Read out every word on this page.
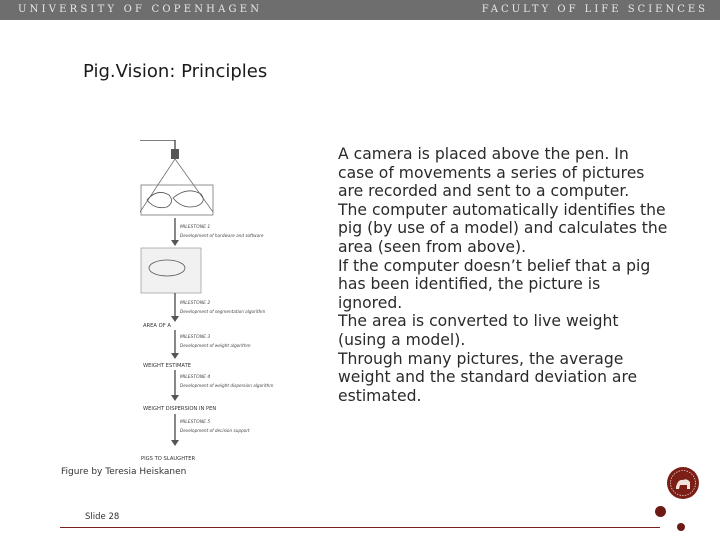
UNIVERSITY OF COPENHAGEN	FACULTY OF LIFE SCIENCES
Pig.Vision: Principles

A camera is placed above the pen. In case of movements a series of pictures are recorded and sent to a computer.

The computer automatically identifies the pig (by use of a model) and calculates the area (seen from above).

If the computer doesn’t belief that a pig has been identified, the picture is ignored.

The area is converted to live weight (using a model).

Through many pictures, the average weight and the standard deviation are estimated.

MILESTONE 1
Development of hardware and software
MILESTONE 2
Development of segmentation algorithm
AREA OF A
MILESTONE 3
Development of weight algorithm
WEIGHT ESTIMATE
MILESTONE 4
Development of weight dispersion algorithm
WEIGHT DISPERSION IN PEN
MILESTONE 5
Development of decision support
PIGS TO SLAUGHTER
Figure by Teresia Heiskanen
Slide 28
